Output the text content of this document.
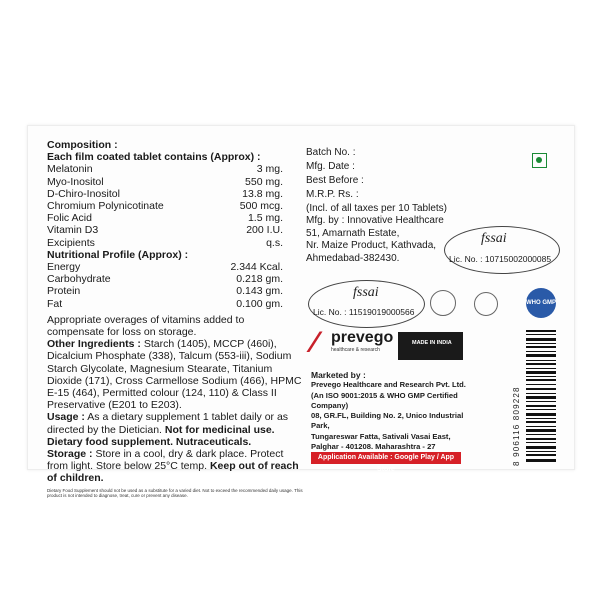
Composition :
Each film coated tablet contains (Approx) :
Melatonin	3 mg.
Myo-Inositol	550 mg.
D-Chiro-Inositol	13.8 mg.
Chromium Polynicotinate	500 mcg.
Folic Acid	1.5 mg.
Vitamin D3	200 I.U.
Excipients	q.s.
Nutritional Profile (Approx) :
Energy	2.344 Kcal.
Carbohydrate	0.218 gm.
Protein	0.143 gm.
Fat	0.100 gm.
Appropriate overages of vitamins added to compensate for loss on storage.
Other Ingredients : Starch (1405), MCCP (460i), Dicalcium Phosphate (338), Talcum (553-iii), Sodium Starch Glycolate, Magnesium Stearate, Titanium Dioxide (171), Cross Carmellose Sodium (466), HPMC E-15 (464), Permitted colour (124, 110) & Class II Preservative (E201 to E203).
Usage : As a dietary supplement 1 tablet daily or as directed by the Dietician. Not for medicinal use.
Dietary food supplement. Nutraceuticals.
Storage : Store in a cool, dry & dark place. Protect from light. Store below 25°C temp. Keep out of reach of children.
Dietary Food Supplement should not be used as a substitute for a varied diet. Not to exceed the recommended daily usage. This product is not intended to diagnose, treat, cure or prevent any disease.
Batch No. :
Mfg. Date :
Best Before :
M.R.P. Rs. :
(Incl. of all taxes per 10 Tablets)
Mfg. by : Innovative Healthcare
51, Amarnath Estate,
Nr. Maize Product, Kathvada,
Ahmedabad-382430.
fssai
Lic. No. : 10715002000085
fssai
Lic. No. : 11519019000566
WHO GMP
⁄ prevego
healthcare & research
MADE IN INDIA
Marketed by :
Prevego Healthcare and Research Pvt. Ltd.
(An ISO 9001:2015 & WHO GMP Certified Company)
08, GR.FL, Building No. 2, Unico Industrial Park,
Tungareswar Fatta, Sativali Vasai East,
Palghar - 401208. Maharashtra - 27
Application Available : Google Play / App Store
8 906116 809228
